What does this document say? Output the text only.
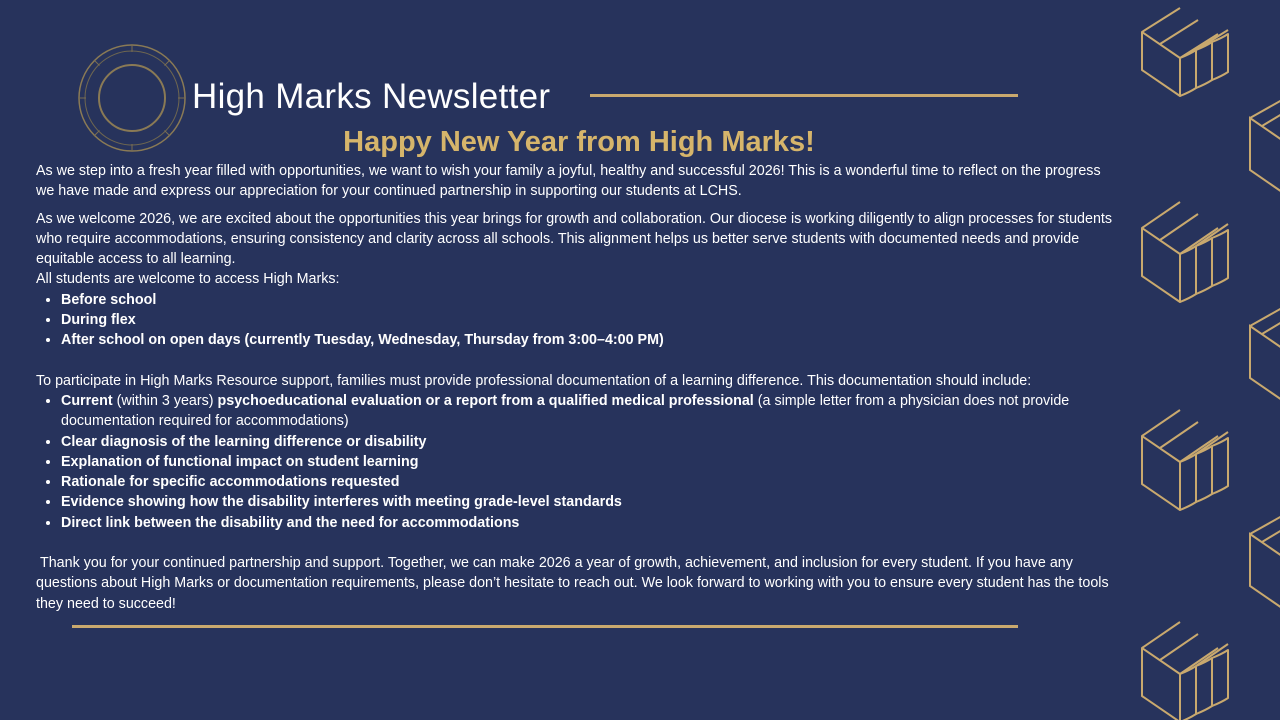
High Marks Newsletter
Happy New Year from High Marks!

As we step into a fresh year filled with opportunities, we want to wish your family a joyful, healthy and successful 2026! This is a wonderful time to reflect on the progress we have made and express our appreciation for your continued partnership in supporting our students at LCHS.

As we welcome 2026, we are excited about the opportunities this year brings for growth and collaboration. Our diocese is working diligently to align processes for students who require accommodations, ensuring consistency and clarity across all schools. This alignment helps us better serve students with documented needs and provide equitable access to all learning.

All students are welcome to access High Marks:

• Before school
• During flex
• After school on open days (currently Tuesday, Wednesday, Thursday from 3:00–4:00 PM)

To participate in High Marks Resource support, families must provide professional documentation of a learning difference. This documentation should include:

• Current (within 3 years) psychoeducational evaluation or a report from a qualified medical professional (a simple letter from a physician does not provide documentation required for accommodations)
• Clear diagnosis of the learning difference or disability
• Explanation of functional impact on student learning
• Rationale for specific accommodations requested
• Evidence showing how the disability interferes with meeting grade-level standards
• Direct link between the disability and the need for accommodations

Thank you for your continued partnership and support. Together, we can make 2026 a year of growth, achievement, and inclusion for every student. If you have any questions about High Marks or documentation requirements, please don’t hesitate to reach out. We look forward to working with you to ensure every student has the tools they need to succeed!
